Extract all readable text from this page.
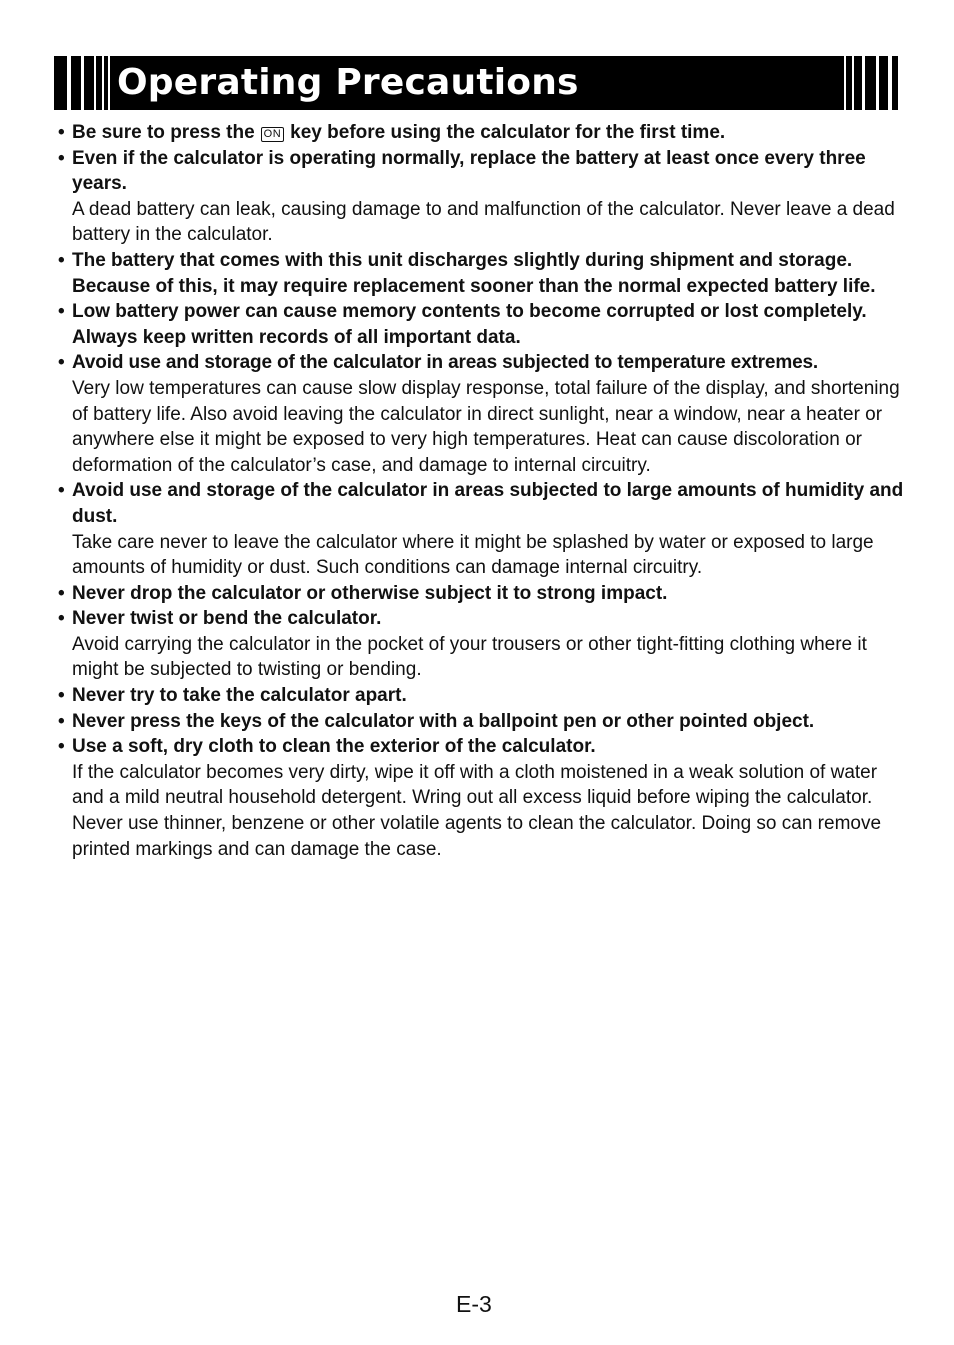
Operating Precautions
• Be sure to press the ON key before using the calculator for the first time.
• Even if the calculator is operating normally, replace the battery at least once every three years.
A dead battery can leak, causing damage to and malfunction of the calculator. Never leave a dead battery in the calculator.
• The battery that comes with this unit discharges slightly during shipment and storage. Because of this, it may require replacement sooner than the normal expected battery life.
• Low battery power can cause memory contents to become corrupted or lost completely. Always keep written records of all important data.
• Avoid use and storage of the calculator in areas subjected to temperature extremes.
Very low temperatures can cause slow display response, total failure of the display, and shortening of battery life. Also avoid leaving the calculator in direct sunlight, near a window, near a heater or anywhere else it might be exposed to very high temperatures. Heat can cause discoloration or deformation of the calculator’s case, and damage to internal circuitry.
• Avoid use and storage of the calculator in areas subjected to large amounts of humidity and dust.
Take care never to leave the calculator where it might be splashed by water or exposed to large amounts of humidity or dust. Such conditions can damage internal circuitry.
• Never drop the calculator or otherwise subject it to strong impact.
• Never twist or bend the calculator.
Avoid carrying the calculator in the pocket of your trousers or other tight-fitting clothing where it might be subjected to twisting or bending.
• Never try to take the calculator apart.
• Never press the keys of the calculator with a ballpoint pen or other pointed object.
• Use a soft, dry cloth to clean the exterior of the calculator.
If the calculator becomes very dirty, wipe it off with a cloth moistened in a weak solution of water and a mild neutral household detergent. Wring out all excess liquid before wiping the calculator. Never use thinner, benzene or other volatile agents to clean the calculator. Doing so can remove printed markings and can damage the case.
E-3
